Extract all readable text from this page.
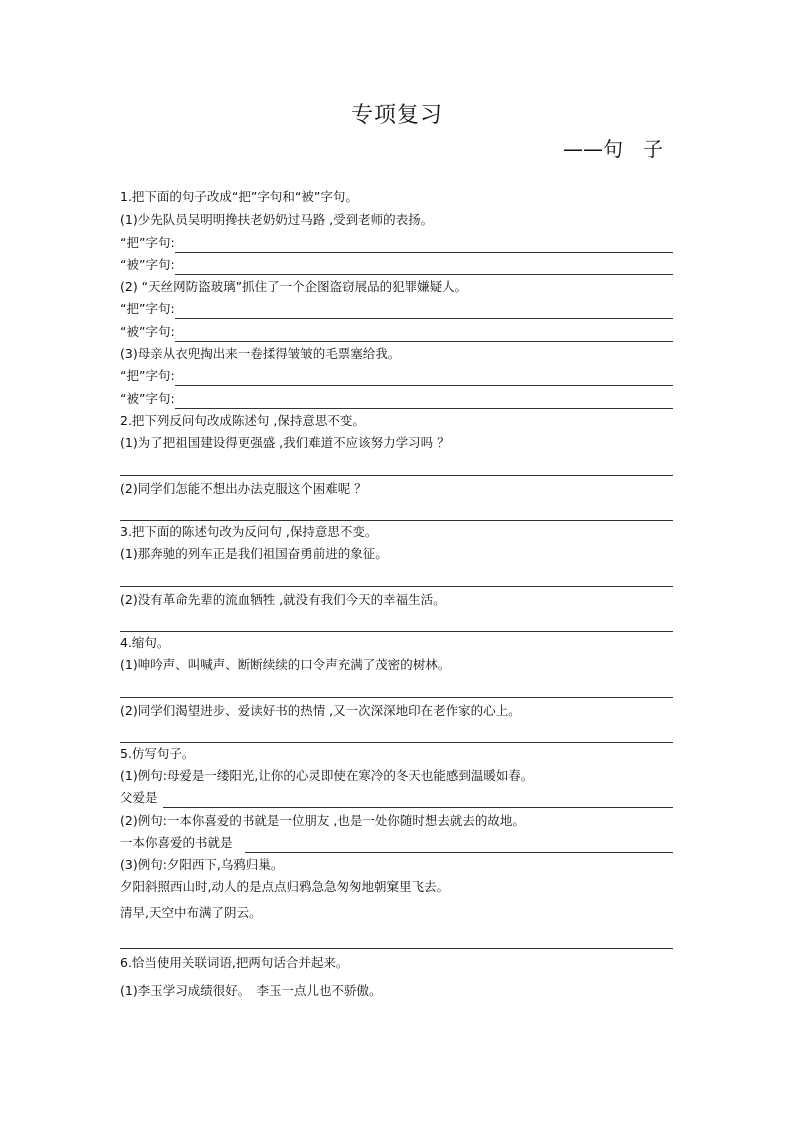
专项复习
——句　子
1.把下面的句子改成“把”字句和“被”字句。
(1)少先队员吴明明搀扶老奶奶过马路 ,受到老师的表扬。
“把”字句:
“被”字句:
(2) “天丝网防盗玻璃”抓住了一个企图盗窃展品的犯罪嫌疑人。
“把”字句:
“被”字句:
(3)母亲从衣兜掏出来一卷揉得皱皱的毛票塞给我。
“把”字句:
“被”字句:
2.把下列反问句改成陈述句 ,保持意思不变。
(1)为了把祖国建设得更强盛 ,我们难道不应该努力学习吗 ？
(2)同学们怎能不想出办法克服这个困难呢 ？
3.把下面的陈述句改为反问句 ,保持意思不变。
(1)那奔驰的列车正是我们祖国奋勇前进的象征。
(2)没有革命先辈的流血牺牲 ,就没有我们今天的幸福生活。
4.缩句。
(1)呻吟声、叫喊声、断断续续的口令声充满了茂密的树林。
(2)同学们渴望进步、爱读好书的热情 ,又一次深深地印在老作家的心上。
5.仿写句子。
(1)例句:母爱是一缕阳光,让你的心灵即使在寒冷的冬天也能感到温暖如春。
父爱是
(2)例句:一本你喜爱的书就是一位朋友 ,也是一处你随时想去就去的故地。
一本你喜爱的书就是
(3)例句:夕阳西下,乌鸦归巢。
夕阳斜照西山时,动人的是点点归鸦急急匆匆地朝窠里飞去。
清早,天空中布满了阴云。
6.恰当使用关联词语,把两句话合并起来。
(1)李玉学习成绩很好。　李玉一点儿也不骄傲。
